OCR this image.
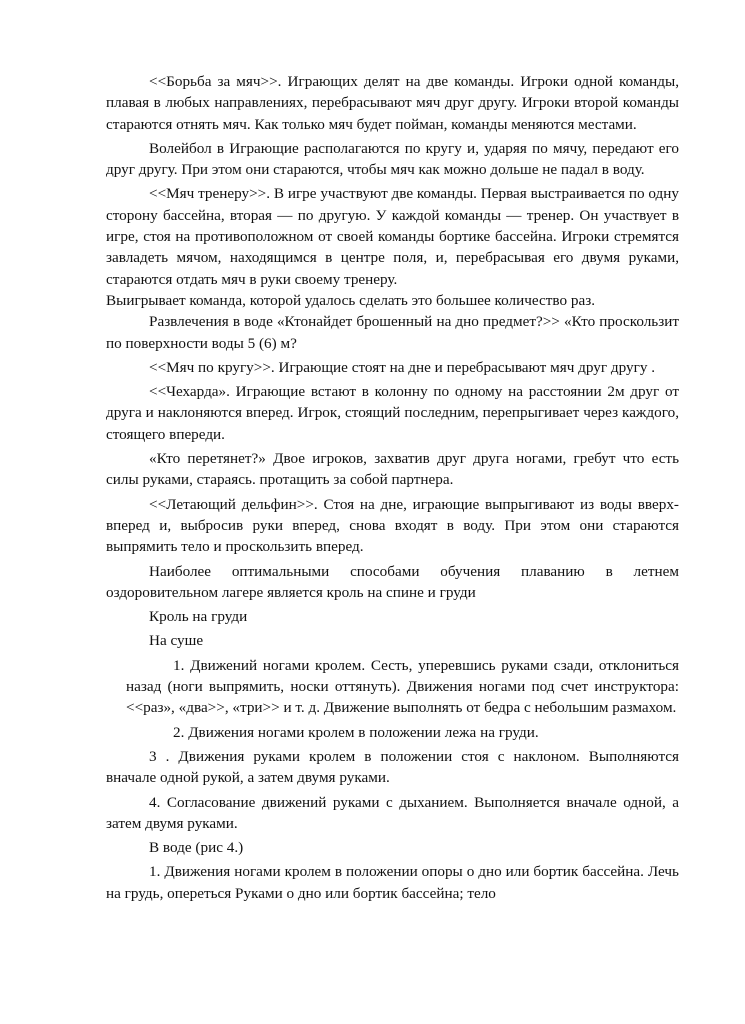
<<Борьба за мяч>>. Играющих делят на две команды. Игроки одной команды, плавая в любых направлениях, перебрасывают мяч друг другу. Игроки второй команды стараются отнять мяч. Как только мяч будет пойман, команды меняются местами.

Волейбол в Играющие располагаются по кругу и, ударяя по мячу, передают его друг другу. При этом они стараются, чтобы мяч как можно дольше не падал в воду.

<<Мяч тренеру>>. В игре участвуют две команды. Первая выстраивается по одну сторону бассейна, вторая — по другую. У каждой команды — тренер. Он участвует в игре, стоя на противоположном от своей команды бортике бассейна. Игроки стремятся завладеть мячом, находящимся в центре поля, и, перебрасывая его двумя руками, стараются отдать мяч в руки своему тренеру.

Выигрывает команда, которой удалось сделать это большее количество раз.

Развлечения в воде «Ктонайдет брошенный на дно предмет?>> «Кто проскользит по поверхности воды 5 (6) м?

<<Мяч по кругу>>. Играющие стоят на дне и перебрасывают мяч друг другу .

<<Чехарда». Играющие встают в колонну по одному на расстоянии 2м друг от друга и наклоняются вперед. Игрок, стоящий последним, перепрыгивает через каждого, стоящего впереди.

«Кто перетянет?» Двое игроков, захватив друг друга ногами, гребут что есть силы руками, стараясь. протащить за собой партнера.

<<Летающий дельфин>>. Стоя на дне, играющие выпрыгивают из воды вверх-вперед и, выбросив руки вперед, снова входят в воду. При этом они стараются выпрямить тело и проскользить вперед.

Наиболее оптимальными способами обучения плаванию в летнем оздоровительном лагере является кроль на спине и груди

Кроль на груди

На суше

1. Движений ногами кролем. Сесть, уперевшись руками сзади, отклониться назад (ноги выпрямить, носки оттянуть). Движения ногами под счет инструктора: <<раз», «два>>, «три>> и т. д. Движение выполнять от бедра с небольшим размахом.

2. Движения ногами кролем в положении лежа на груди.

3 . Движения руками кролем в положении стоя с наклоном. Выполняются вначале одной рукой, а затем двумя руками.

4. Согласование движений руками с дыханием. Выполняется вначале одной, а затем двумя руками.

В воде (рис 4.)

1. Движения ногами кролем в положении опоры о дно или бортик бассейна. Лечь на грудь, опереться Руками о дно или бортик бассейна; тело
